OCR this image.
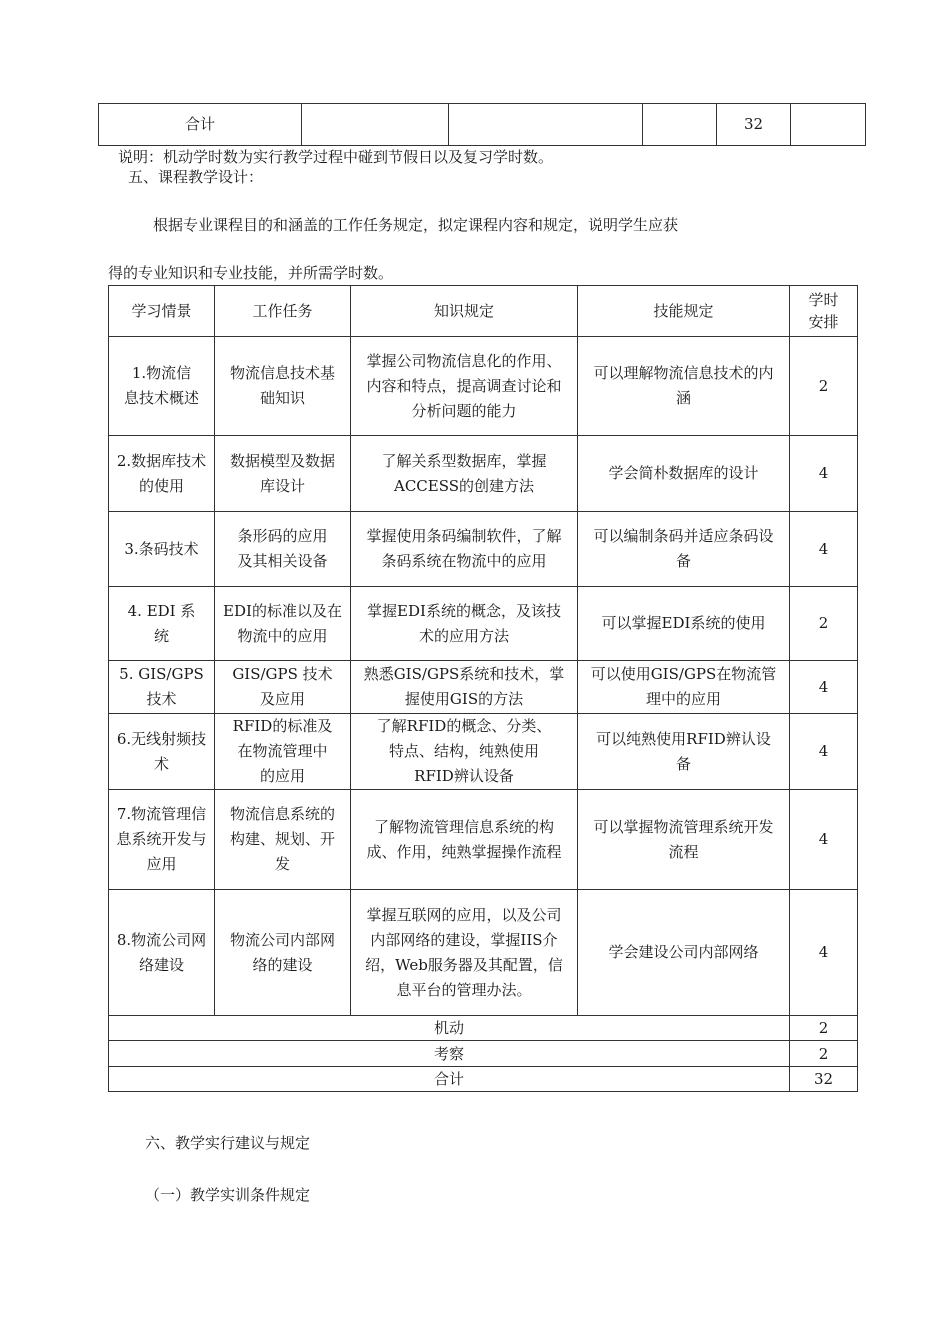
合计				32	
说明：机动学时数为实行教学过程中碰到节假日以及复习学时数。
五、课程教学设计：
根据专业课程目的和涵盖的工作任务规定，拟定课程内容和规定，说明学生应获
得的专业知识和专业技能，并所需学时数。
学习情景	工作任务	知识规定	技能规定	学时
安排
1.物流信
息技术概述	物流信息技术基
础知识	掌握公司物流信息化的作用、
内容和特点，提高调查讨论和
分析问题的能力	可以理解物流信息技术的内
涵	2
2.数据库技术
的使用	数据模型及数据
库设计	了解关系型数据库，掌握
ACCESS的创建方法	学会简朴数据库的设计	4
3.条码技术	条形码的应用
及其相关设备	掌握使用条码编制软件，了解
条码系统在物流中的应用	可以编制条码并适应条码设
备	4
4. EDI 系
统	EDI的标准以及在
物流中的应用	掌握EDI系统的概念，及该技
术的应用方法	可以掌握EDI系统的使用	2
5. GIS/GPS
技术	GIS/GPS 技术
及应用	熟悉GIS/GPS系统和技术，掌
握使用GIS的方法	可以使用GIS/GPS在物流管
理中的应用	4
6.无线射频技
术	RFID的标准及
在物流管理中
的应用	了解RFID的概念、分类、
特点、结构，纯熟使用
RFID辨认设备	可以纯熟使用RFID辨认设
备	4
7.物流管理信
息系统开发与
应用	物流信息系统的
构建、规划、开
发	了解物流管理信息系统的构
成、作用，纯熟掌握操作流程	可以掌握物流管理系统开发
流程	4
8.物流公司网
络建设	物流公司内部网
络的建设	掌握互联网的应用，以及公司
内部网络的建设，掌握IIS介
绍，Web服务器及其配置，信
息平台的管理办法。	学会建设公司内部网络	4
机动				2
考察				2
合计				32
六、教学实行建议与规定
（一）教学实训条件规定
